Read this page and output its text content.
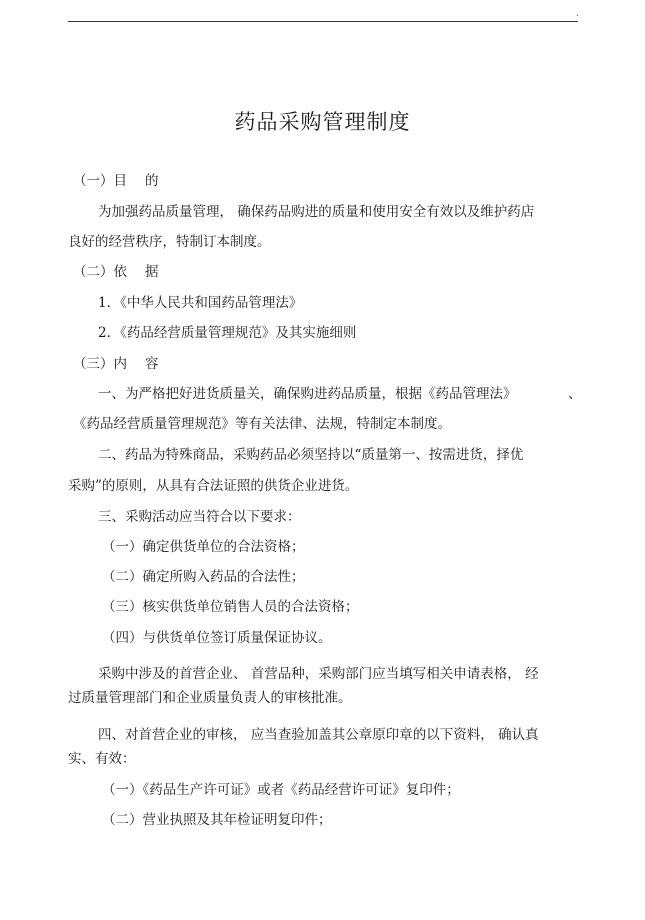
.
药品采购管理制度
（一）目 的
为加强药品质量管理， 确保药品购进的质量和使用安全有效以及维护药店
良好的经营秩序，特制订本制度。
（二）依 据
1．《中华人民共和国药品管理法》
2．《药品经营质量管理规范》及其实施细则
（三）内 容
一、为严格把好进货质量关，确保购进药品质量，根据《药品管理法》	、
《药品经营质量管理规范》等有关法律、法规，特制定本制度。
二、药品为特殊商品，采购药品必须坚持以“质量第一、按需进货，择优
采购”的原则，从具有合法证照的供货企业进货。
三、采购活动应当符合以下要求：
（一）确定供货单位的合法资格；
（二）确定所购入药品的合法性；
（三）核实供货单位销售人员的合法资格；
（四）与供货单位签订质量保证协议。
采购中涉及的首营企业、 首营品种，采购部门应当填写相关申请表格， 经
过质量管理部门和企业质量负责人的审核批准。
四、对首营企业的审核， 应当查验加盖其公章原印章的以下资料， 确认真
实、有效：
（一）《药品生产许可证》或者《药品经营许可证》复印件；
（二）营业执照及其年检证明复印件；
